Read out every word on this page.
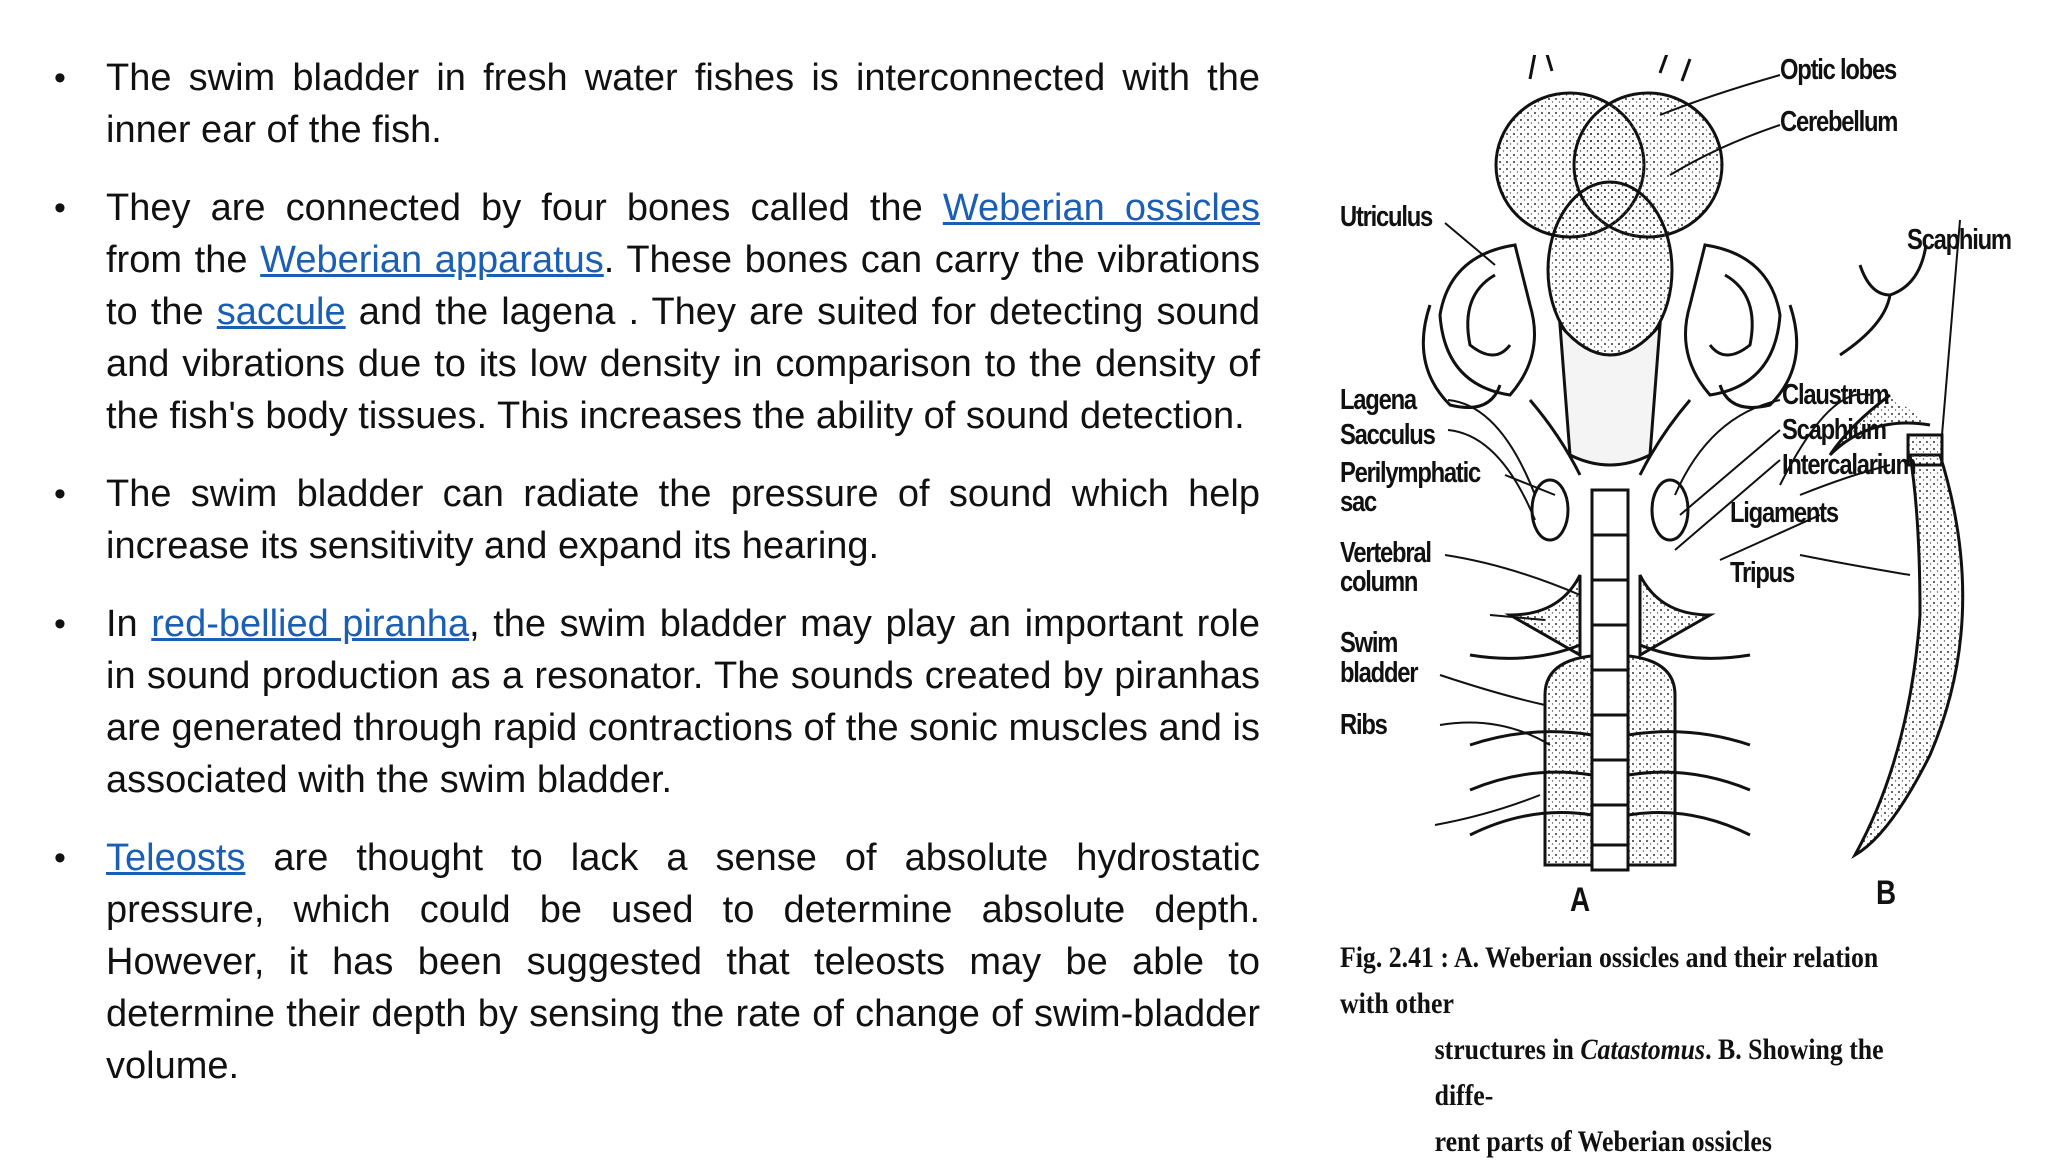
• The swim bladder in fresh water fishes is interconnected with the inner ear of the fish.
• They are connected by four bones called the Weberian ossicles from the Weberian apparatus. These bones can carry the vibrations to the saccule and the lagena . They are suited for detecting sound and vibrations due to its low density in comparison to the density of the fish's body tissues. This increases the ability of sound detection.
• The swim bladder can radiate the pressure of sound which help increase its sensitivity and expand its hearing.
• In red-bellied piranha, the swim bladder may play an important role in sound production as a resonator. The sounds created by piranhas are generated through rapid contractions of the sonic muscles and is associated with the swim bladder.
• Teleosts are thought to lack a sense of absolute hydrostatic pressure, which could be used to determine absolute depth. However, it has been suggested that teleosts may be able to determine their depth by sensing the rate of change of swim-bladder volume.
Optic lobes
Cerebellum
Utriculus
Scaphium
Lagena
Sacculus
Perilymphatic
sac
Claustrum
Scaphium
Intercalarium
Ligaments
Vertebral
column	Tripus
Swim
bladder
Ribs
A	B
Fig. 2.41 : A. Weberian ossicles and their relation with other
structures in Catastomus. B. Showing the diffe-
rent parts of Weberian ossicles
